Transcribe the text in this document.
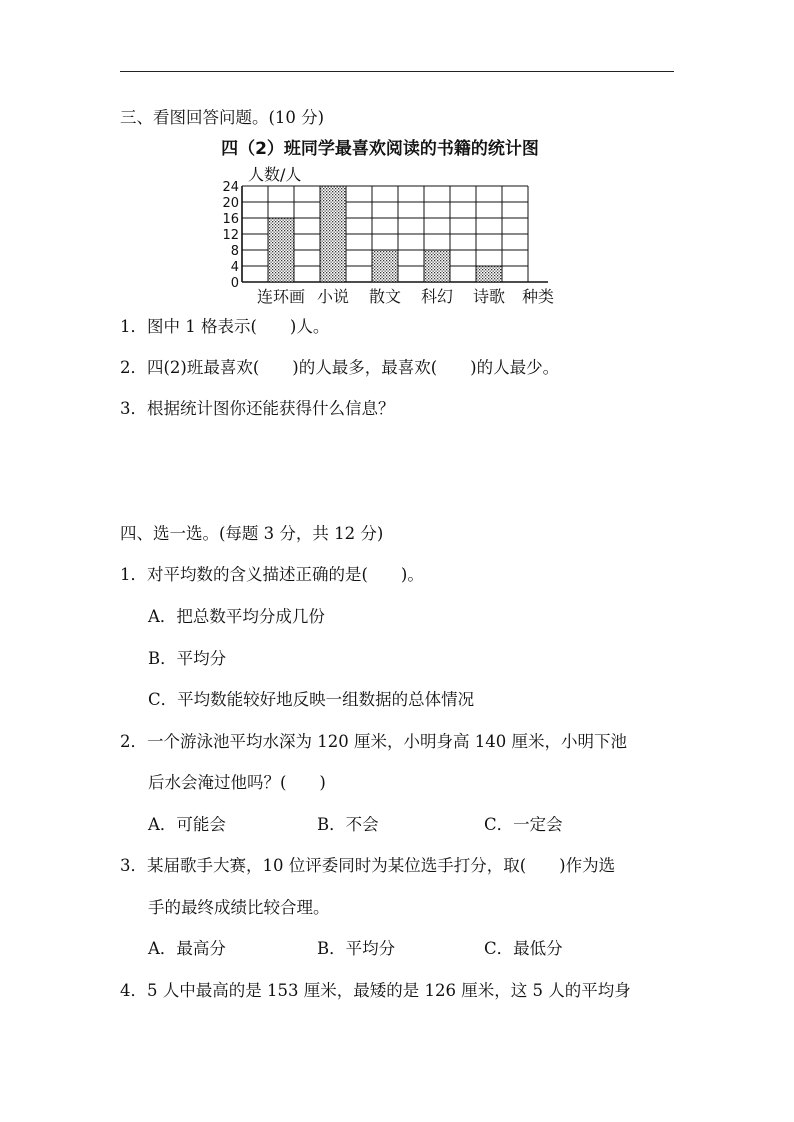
三、看图回答问题。(10 分)
四（2）班同学最喜欢阅读的书籍的统计图
人数/人
0
4
8
12
16
20
24
连环画 小说 散文 科幻 诗歌 种类
1．图中 1 格表示(　　)人。
2．四(2)班最喜欢(　　)的人最多，最喜欢(　　)的人最少。
3．根据统计图你还能获得什么信息？
四、选一选。(每题 3 分，共 12 分)
1．对平均数的含义描述正确的是(　　)。
A．把总数平均分成几份
B．平均分
C．平均数能较好地反映一组数据的总体情况
2．一个游泳池平均水深为 120 厘米，小明身高 140 厘米，小明下池
后水会淹过他吗？(　　)
A．可能会	B．不会	C．一定会
3．某届歌手大赛，10 位评委同时为某位选手打分，取(　　)作为选
手的最终成绩比较合理。
A．最高分	B．平均分	C．最低分
4．5 人中最高的是 153 厘米，最矮的是 126 厘米，这 5 人的平均身
